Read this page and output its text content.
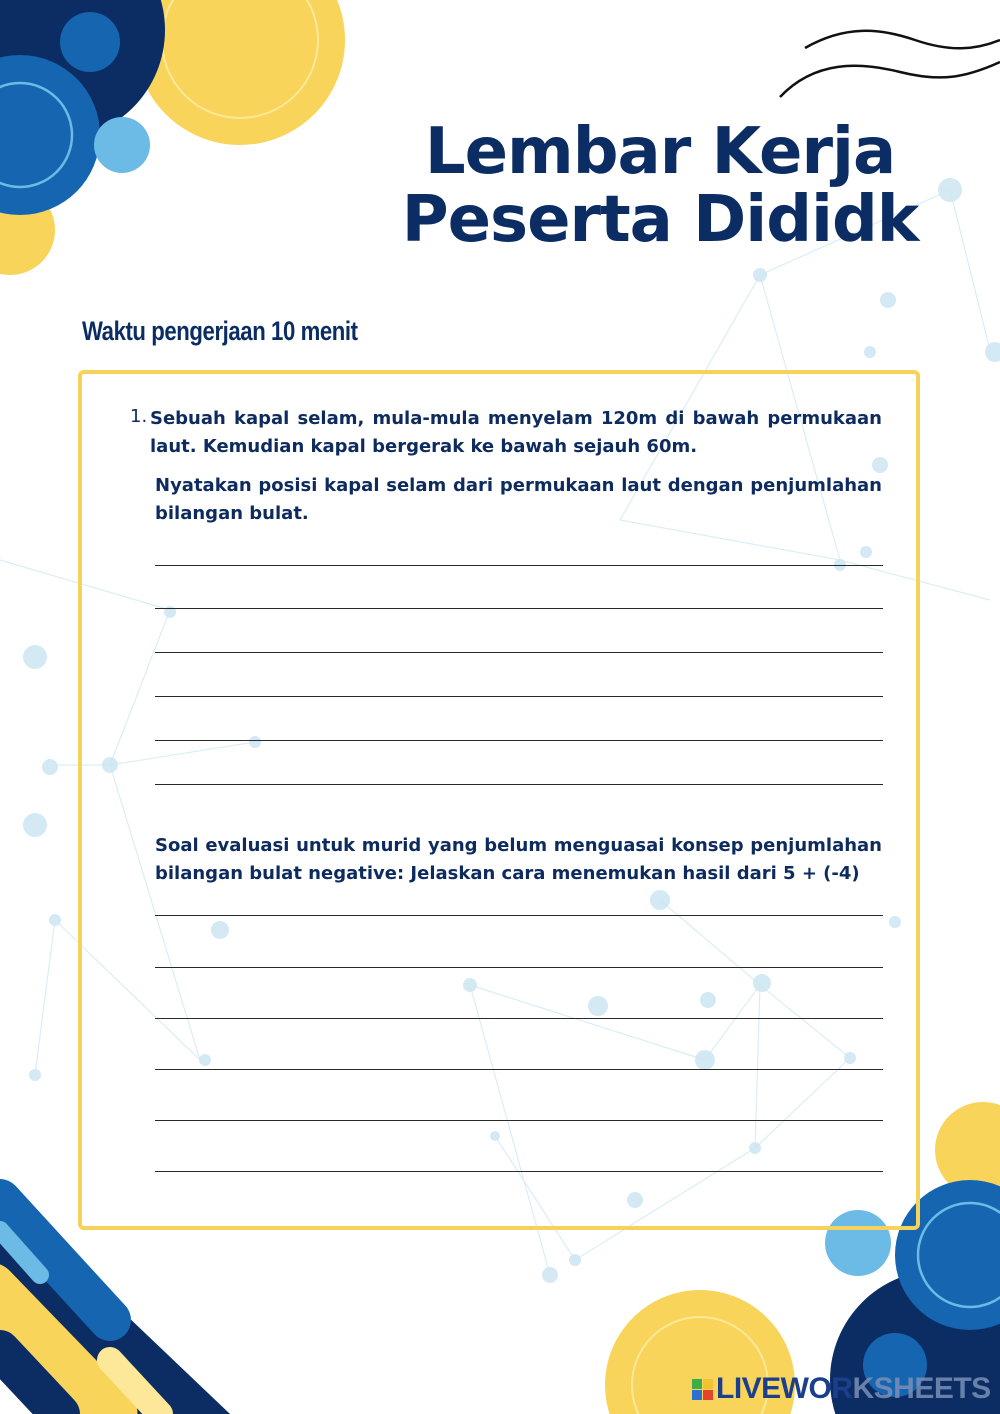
Lembar Kerja
Peserta Dididk
Waktu pengerjaan 10 menit
1. Sebuah kapal selam, mula-mula menyelam 120m di bawah permukaan laut. Kemudian kapal bergerak ke bawah sejauh 60m.
Nyatakan posisi kapal selam dari permukaan laut dengan penjumlahan bilangan bulat.
Soal evaluasi untuk murid yang belum menguasai konsep penjumlahan bilangan bulat negative: Jelaskan cara menemukan hasil dari 5 + (-4)
LIVEWOR KSHEETS
